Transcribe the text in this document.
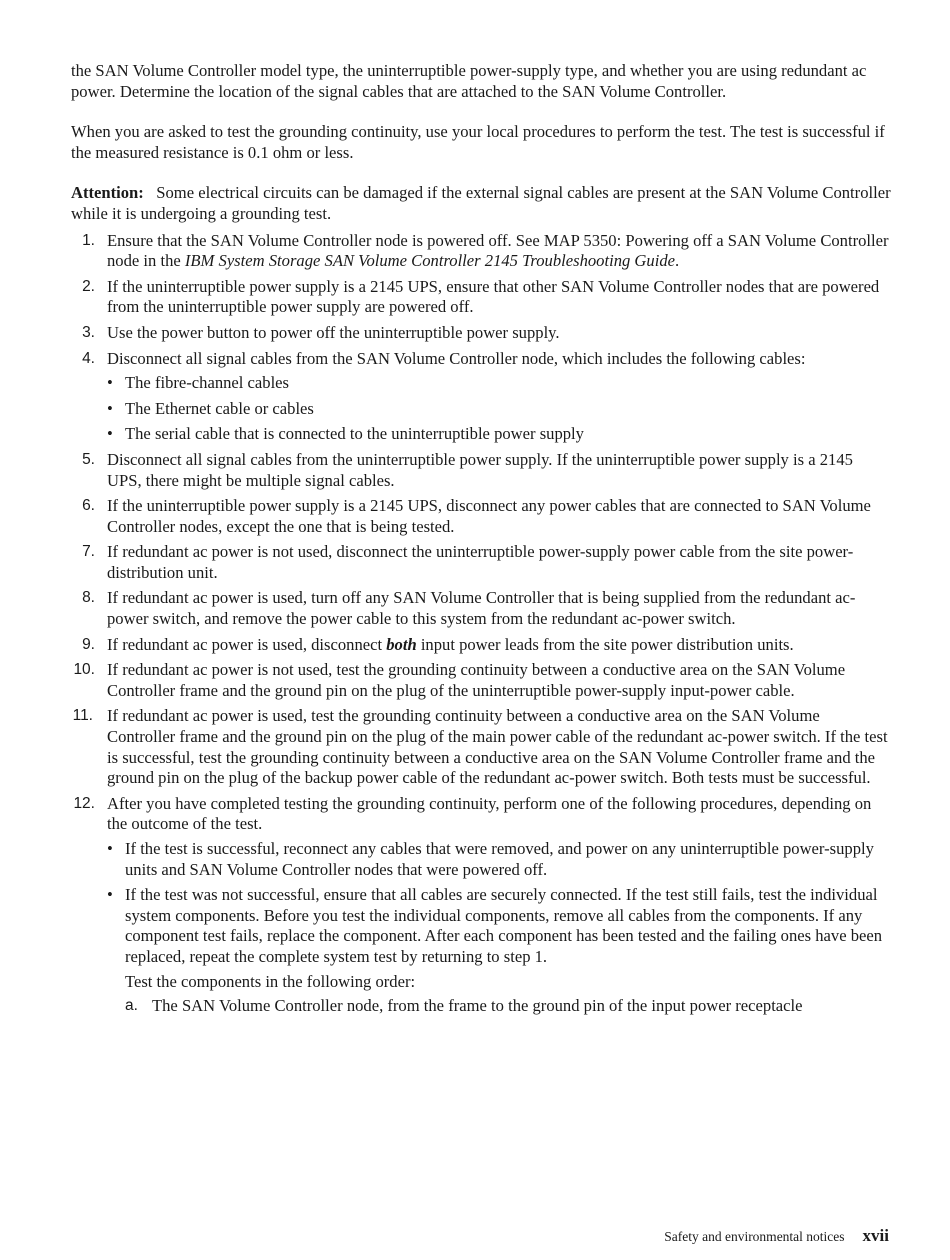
the SAN Volume Controller model type, the uninterruptible power-supply type, and whether you are using redundant ac power. Determine the location of the signal cables that are attached to the SAN Volume Controller.

When you are asked to test the grounding continuity, use your local procedures to perform the test. The test is successful if the measured resistance is 0.1 ohm or less.

Attention: Some electrical circuits can be damaged if the external signal cables are present at the SAN Volume Controller while it is undergoing a grounding test.

1. Ensure that the SAN Volume Controller node is powered off. See MAP 5350: Powering off a SAN Volume Controller node in the IBM System Storage SAN Volume Controller 2145 Troubleshooting Guide.
2. If the uninterruptible power supply is a 2145 UPS, ensure that other SAN Volume Controller nodes that are powered from the uninterruptible power supply are powered off.
3. Use the power button to power off the uninterruptible power supply.
4. Disconnect all signal cables from the SAN Volume Controller node, which includes the following cables:
• The fibre-channel cables
• The Ethernet cable or cables
• The serial cable that is connected to the uninterruptible power supply
5. Disconnect all signal cables from the uninterruptible power supply. If the uninterruptible power supply is a 2145 UPS, there might be multiple signal cables.
6. If the uninterruptible power supply is a 2145 UPS, disconnect any power cables that are connected to SAN Volume Controller nodes, except the one that is being tested.
7. If redundant ac power is not used, disconnect the uninterruptible power-supply power cable from the site power-distribution unit.
8. If redundant ac power is used, turn off any SAN Volume Controller that is being supplied from the redundant ac-power switch, and remove the power cable to this system from the redundant ac-power switch.
9. If redundant ac power is used, disconnect both input power leads from the site power distribution units.
10. If redundant ac power is not used, test the grounding continuity between a conductive area on the SAN Volume Controller frame and the ground pin on the plug of the uninterruptible power-supply input-power cable.
11. If redundant ac power is used, test the grounding continuity between a conductive area on the SAN Volume Controller frame and the ground pin on the plug of the main power cable of the redundant ac-power switch. If the test is successful, test the grounding continuity between a conductive area on the SAN Volume Controller frame and the ground pin on the plug of the backup power cable of the redundant ac-power switch. Both tests must be successful.
12. After you have completed testing the grounding continuity, perform one of the following procedures, depending on the outcome of the test.
• If the test is successful, reconnect any cables that were removed, and power on any uninterruptible power-supply units and SAN Volume Controller nodes that were powered off.
• If the test was not successful, ensure that all cables are securely connected. If the test still fails, test the individual system components. Before you test the individual components, remove all cables from the components. If any component test fails, replace the component. After each component has been tested and the failing ones have been replaced, repeat the complete system test by returning to step 1.

Test the components in the following order:

a. The SAN Volume Controller node, from the frame to the ground pin of the input power receptacle
Safety and environmental notices xvii
